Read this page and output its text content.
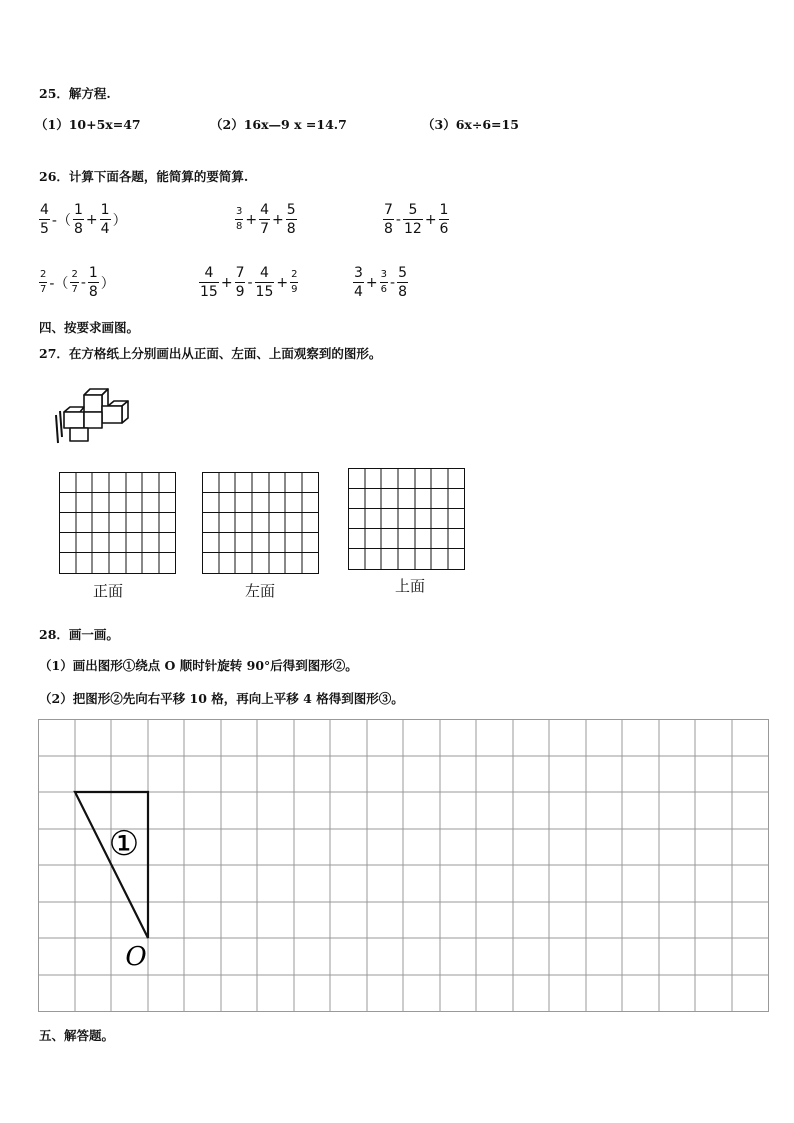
25．解方程.
（1）10+5x=47	（2）16x—9 x =14.7	（3）6x÷6=15
26．计算下面各题，能简算的要简算.
$\frac{4}{5}$ -（ $\frac{1}{8} + \frac{1}{4}$ ）	$\frac{3}{8} + \frac{4}{7} + \frac{5}{8}$	$\frac{7}{8} - \frac{5}{12} + \frac{1}{6}$
$\frac{2}{7}$ -（ $\frac{2}{7} - \frac{1}{8}$ ）	$\frac{4}{15} + \frac{7}{9} - \frac{4}{15} + \frac{2}{9}$	$\frac{3}{4} + \frac{3}{6} - \frac{5}{8}$
四、按要求画图。
27．在方格纸上分别画出从正面、左面、上面观察到的图形。
正面	左面	上面
28．画一画。
（1）画出图形①绕点 O 顺时针旋转 90°后得到图形②。
（2）把图形②先向右平移 10 格，再向上平移 4 格得到图形③。
①
O
五、解答题。
